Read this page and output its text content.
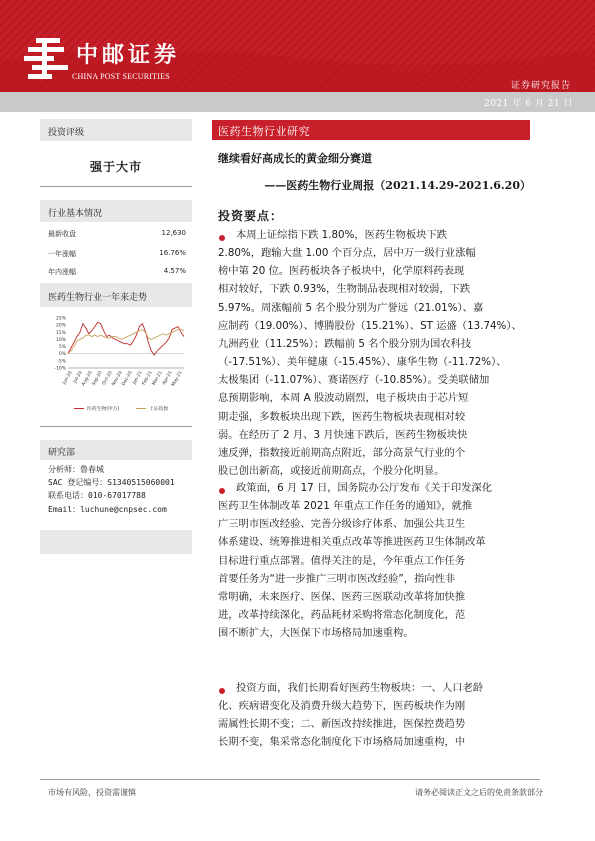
中邮证券
CHINA POST SECURITIES
证券研究报告
2021 年 6 月 21 日
投资评级
强于大市
行业基本情况
最新收盘	12,630
一年涨幅	16.76%
年内涨幅	4.57%
医药生物行业一年来走势
25%
20%
15%
10%
5%
0%
-5%
-10%
Jun-20 Jul-20
Aug-20
Sep-20
Oct-20
Nov-20
Dec-20
Jan-21
Feb-21
Mar-21
Apr-21
May-21
医药生物(申万)	上证指数
研究部
分析师：鲁春城
SAC 登记编号：S1340515060001
联系电话：010-67017788
Email：luchune@cnpsec.com
医药生物行业研究
继续看好高成长的黄金细分赛道
——医药生物行业周报（2021.14.29-2021.6.20）
投资要点：
本周上证综指下跌 1.80%，医药生物板块下跌
2.80%，跑输大盘 1.00 个百分点，居中万一级行业涨幅
榜中第 20 位。医药板块各子板块中，化学原料药表现
相对较好，下跌 0.93%，生物制品表现相对较弱，下跌
5.97%。周涨幅前 5 名个股分别为广誉远（21.01%）、嘉
应制药（19.00%）、博腾股份（15.21%）、ST 运盛（13.74%）、
九洲药业（11.25%）；跌幅前 5 名个股分别为国农科技
（-17.51%）、美年健康（-15.45%）、康华生物（-11.72%）、
太极集团（-11.07%）、赛诺医疗（-10.85%）。受美联储加
息预期影响，本周 A 股波动剧烈，电子板块由于芯片短
期走强，多数板块出现下跌，医药生物板块表现相对较
弱。在经历了 2 月、3 月快速下跌后，医药生物板块快
速反弹，指数接近前期高点附近，部分高景气行业的个
股已创出新高，或接近前期高点，个股分化明显。
政策面，6 月 17 日，国务院办公厅发布《关于印发深化
医药卫生体制改革 2021 年重点工作任务的通知》，就推
广三明市医改经验、完善分级诊疗体系、加强公共卫生
体系建设、统筹推进相关重点改革等推进医药卫生体制改革
目标进行重点部署。值得关注的是，今年重点工作任务
首要任务为“进一步推广三明市医改经验”，指向性非
常明确，未来医疗、医保、医药三医联动改革将加快推
进，改革持续深化，药品耗材采购将常态化制度化，范
围不断扩大，大医保下市场格局加速重构。
投资方面，我们长期看好医药生物板块：一、人口老龄
化、疾病谱变化及消费升级大趋势下，医药板块作为刚
需属性长期不变；二、新医改持续推进，医保控费趋势
长期不变，集采常态化制度化下市场格局加速重构，中
市场有风险，投资需谨慎	请务必阅读正文之后的免责条款部分
